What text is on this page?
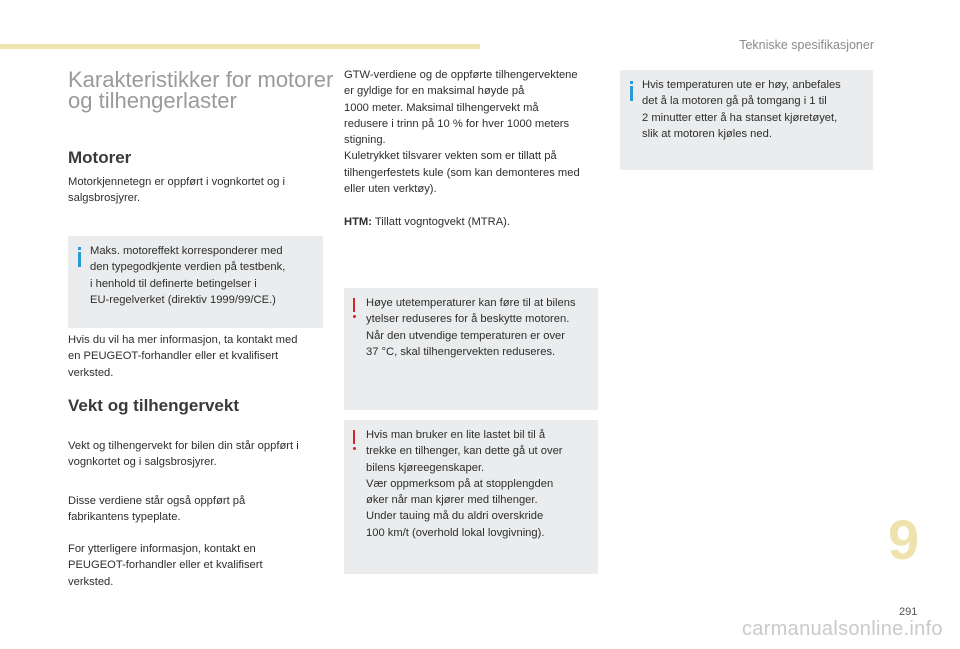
Tekniske spesifikasjoner
Karakteristikker for motorer og tilhengerlaster
Motorer

Motorkjennetegn er oppført i vognkortet og i
salgsbrosjyrer.

Maks. motoreffekt korresponderer med
den typegodkjente verdien på testbenk,
i henhold til definerte betingelser i
EU-regelverket (direktiv 1999/99/CE.)

Hvis du vil ha mer informasjon, ta kontakt med
en PEUGEOT-forhandler eller et kvalifisert
verksted.

Vekt og tilhengervekt

Vekt og tilhengervekt for bilen din står oppført i
vognkortet og i salgsbrosjyrer.

Disse verdiene står også oppført på
fabrikantens typeplate.

For ytterligere informasjon, kontakt en
PEUGEOT-forhandler eller et kvalifisert
verksted.

GTW-verdiene og de oppførte tilhengervektene
er gyldige for en maksimal høyde på
1000 meter. Maksimal tilhengervekt må
redusere i trinn på 10 % for hver 1000 meters
stigning.
Kuletrykket tilsvarer vekten som er tillatt på
tilhengerfestets kule (som kan demonteres med
eller uten verktøy).

HTM: Tillatt vogntogvekt (MTRA).
Høye utetemperaturer kan føre til at bilens
ytelser reduseres for å beskytte motoren.
Når den utvendige temperaturen er over
37 °C, skal tilhengervekten reduseres.
Hvis man bruker en lite lastet bil til å
trekke en tilhenger, kan dette gå ut over
bilens kjøreegenskaper.
Vær oppmerksom på at stopplengden
øker når man kjører med tilhenger.
Under tauing må du aldri overskride
100 km/t (overhold lokal lovgivning).
Hvis temperaturen ute er høy, anbefales
det å la motoren gå på tomgang i 1 til
2 minutter etter å ha stanset kjøretøyet,
slik at motoren kjøles ned.
9
291
carmanualsonline.info
